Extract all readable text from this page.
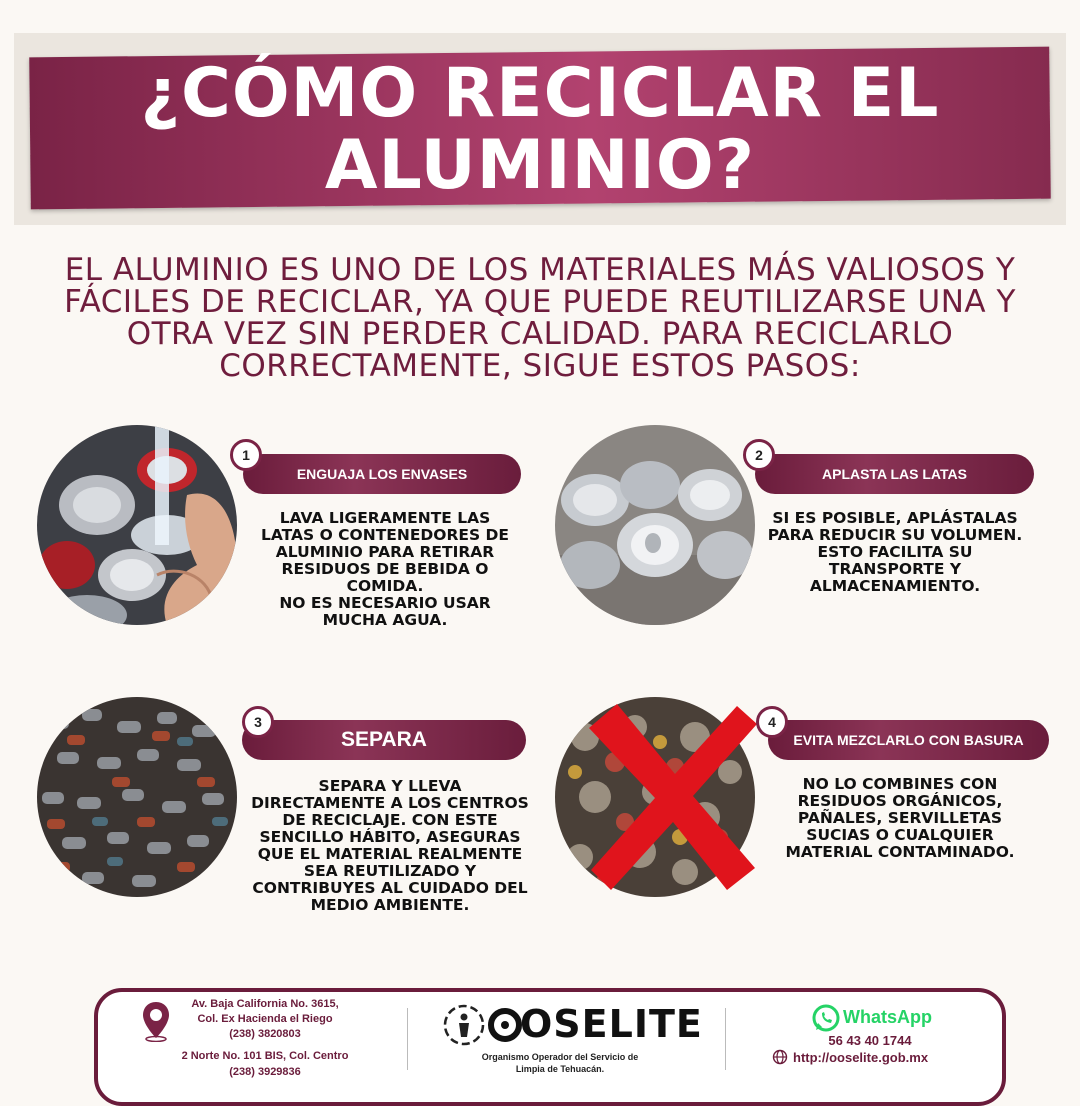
¿CÓMO RECICLAR EL
ALUMINIO?
EL ALUMINIO ES UNO DE LOS MATERIALES MÁS VALIOSOS Y FÁCILES DE RECICLAR, YA QUE PUEDE REUTILIZARSE UNA Y OTRA VEZ SIN PERDER CALIDAD. PARA RECICLARLO CORRECTAMENTE, SIGUE ESTOS PASOS:
1
ENGUAJA LOS ENVASES
LAVA LIGERAMENTE LAS
LATAS O CONTENEDORES DE
ALUMINIO PARA RETIRAR
RESIDUOS DE BEBIDA O
COMIDA.
NO ES NECESARIO USAR
MUCHA AGUA.
2
APLASTA LAS LATAS
SI ES POSIBLE, APLÁSTALAS
PARA REDUCIR SU VOLUMEN.
ESTO FACILITA SU
TRANSPORTE Y
ALMACENAMIENTO.
3
SEPARA
SEPARA Y LLEVA
DIRECTAMENTE A LOS CENTROS
DE RECICLAJE. CON ESTE
SENCILLO HÁBITO, ASEGURAS
QUE EL MATERIAL REALMENTE
SEA REUTILIZADO Y
CONTRIBUYES AL CUIDADO DEL
MEDIO AMBIENTE.
4
EVITA MEZCLARLO CON BASURA
NO LO COMBINES CON
RESIDUOS ORGÁNICOS,
PAÑALES, SERVILLETAS
SUCIAS O CUALQUIER
MATERIAL CONTAMINADO.
Av. Baja California No. 3615,
Col. Ex Hacienda el Riego
(238) 3820803
2 Norte No. 101 BIS, Col. Centro
(238) 3929836
OSELITE
Organismo Operador del Servicio de
Limpia de Tehuacán.
WhatsApp
56 43 40 1744
http://ooselite.gob.mx
